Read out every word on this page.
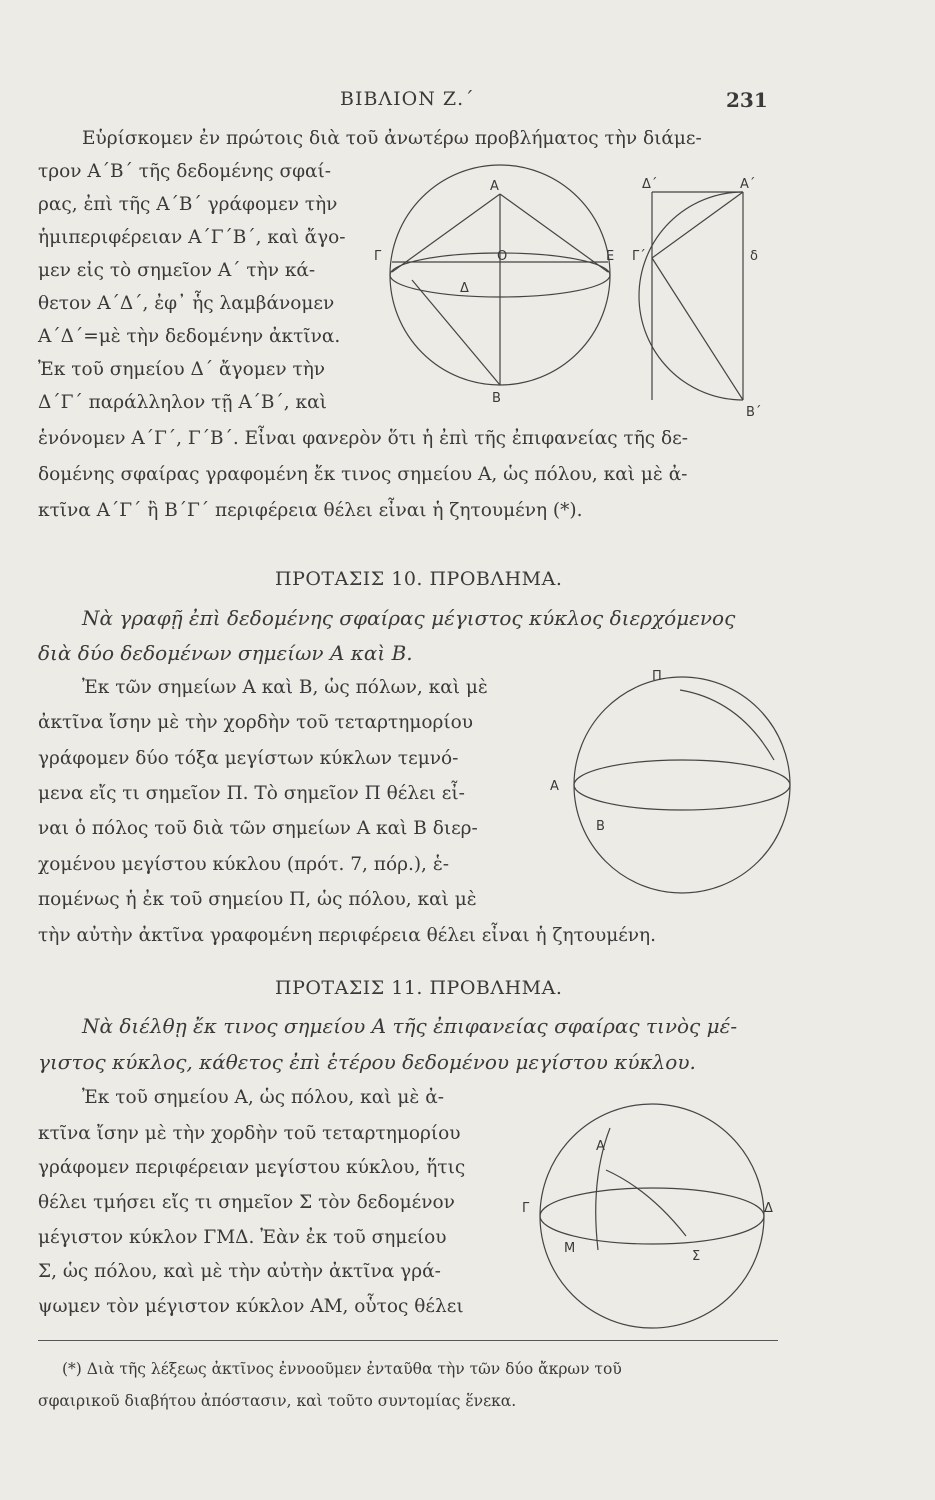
ΒΙΒΛΙΟΝ Ζ.΄	231
Εὑρίσκομεν ἐν πρώτοις διὰ τοῦ ἀνωτέρω προβλήματος τὴν διάμε-
τρον Α΄Β΄ τῆς δεδομένης σφαί-
ρας, ἐπὶ τῆς Α΄Β΄ γράφομεν τὴν
ἡμιπεριφέρειαν Α΄Γ΄Β΄, καὶ ἄγο-
μεν εἰς τὸ σημεῖον Α΄ τὴν κά-
θετον Α΄Δ΄, ἐφ᾽ ἧς λαμβάνομεν
Α΄Δ΄=μὲ τὴν δεδομένην ἀκτῖνα.
Ἐκ τοῦ σημείου Δ΄ ἄγομεν τὴν
Δ΄Γ΄ παράλληλον τῇ Α΄Β΄, καὶ
ἑνόνομεν Α΄Γ΄, Γ΄Β΄. Εἶναι φανερὸν ὅτι ἡ ἐπὶ τῆς ἐπιφανείας τῆς δε-
δομένης σφαίρας γραφομένη ἔκ τινος σημείου Α, ὡς πόλου, καὶ μὲ ἀ-
κτῖνα Α΄Γ΄ ἢ Β΄Γ΄ περιφέρεια θέλει εἶναι ἡ ζητουμένη (*).
Α
Γ	Ο	Ε
Δ
Β
Δ΄	Α΄
Γ΄	δ
Β΄
ΠΡΟΤΑΣΙΣ 10. ΠΡΟΒΛΗΜΑ.
Νὰ γραφῇ ἐπὶ δεδομένης σφαίρας μέγιστος κύκλος διερχόμενος
διὰ δύο δεδομένων σημείων Α καὶ Β.
Ἐκ τῶν σημείων Α καὶ Β, ὡς πόλων, καὶ μὲ
ἀκτῖνα ἴσην μὲ τὴν χορδὴν τοῦ τεταρτημορίου
γράφομεν δύο τόξα μεγίστων κύκλων τεμνό-
μενα εἴς τι σημεῖον Π. Τὸ σημεῖον Π θέλει εἶ-
ναι ὁ πόλος τοῦ διὰ τῶν σημείων Α καὶ Β διερ-
χομένου μεγίστου κύκλου (πρότ. 7, πόρ.), ἑ-
πομένως ἡ ἐκ τοῦ σημείου Π, ὡς πόλου, καὶ μὲ
τὴν αὐτὴν ἀκτῖνα γραφομένη περιφέρεια θέλει εἶναι ἡ ζητουμένη.
Π
Α
Β
ΠΡΟΤΑΣΙΣ 11. ΠΡΟΒΛΗΜΑ.
Νὰ διέλθῃ ἔκ τινος σημείου Α τῆς ἐπιφανείας σφαίρας τινὸς μέ-
γιστος κύκλος, κάθετος ἐπὶ ἑτέρου δεδομένου μεγίστου κύκλου.
Ἐκ τοῦ σημείου Α, ὡς πόλου, καὶ μὲ ἀ-
κτῖνα ἴσην μὲ τὴν χορδὴν τοῦ τεταρτημορίου
γράφομεν περιφέρειαν μεγίστου κύκλου, ἥτις
θέλει τμήσει εἴς τι σημεῖον Σ τὸν δεδομένον
μέγιστον κύκλον ΓΜΔ. Ἐὰν ἐκ τοῦ σημείου
Σ, ὡς πόλου, καὶ μὲ τὴν αὐτὴν ἀκτῖνα γρά-
ψωμεν τὸν μέγιστον κύκλον ΑΜ, οὗτος θέλει
Α
Γ	Δ
Μ
Σ
(*) Διὰ τῆς λέξεως ἀκτῖνος ἐννοοῦμεν ἐνταῦθα τὴν τῶν δύο ἄκρων τοῦ
σφαιρικοῦ διαβήτου ἀπόστασιν, καὶ τοῦτο συντομίας ἕνεκα.
